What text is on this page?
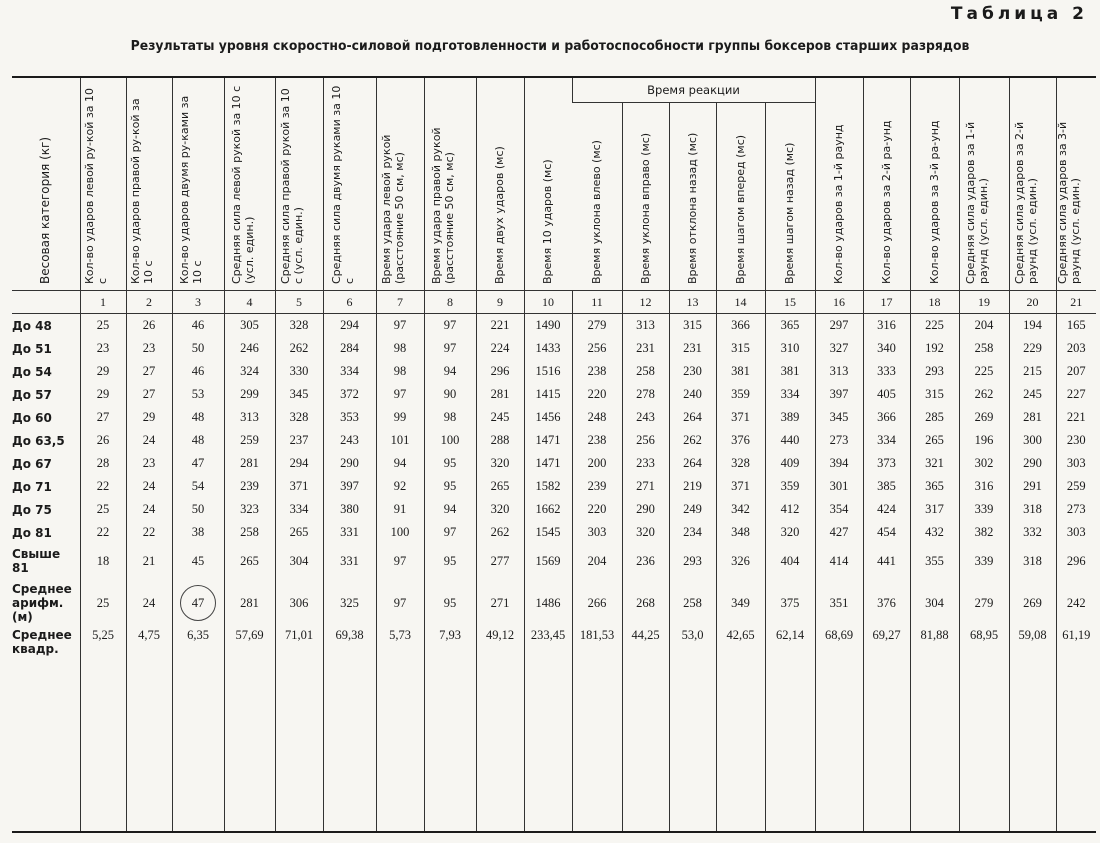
Таблица 2
Результаты уровня скоростно-силовой подготовленности и работоспособности группы боксеров старших разрядов
Весовая категория (кг)	Кол-во ударов левой ру-кой за 10 с	Кол-во ударов правой ру-кой за 10 с	Кол-во ударов двумя ру-ками за 10 с	Средняя сила левой рукой за 10 с (усл. един.)	Средняя сила правой рукой за 10 с (усл. един.)	Средняя сила двумя руками за 10 с	Время удара левой рукой (расстояние 50 см, мс)	Время удара правой рукой (расстояние 50 см, мс)	Время двух ударов (мс)	Время 10 ударов (мс)	Время реакции					Кол-во ударов за 1-й раунд	Кол-во ударов за 2-й ра-унд	Кол-во ударов за 3-й ра-унд	Средняя сила ударов за 1-й раунд (усл. един.)	Средняя сила ударов за 2-й раунд (усл. един.)	Средняя сила ударов за 3-й раунд (усл. един.)

											Время уклона влево (мс)	Время уклона вправо (мс)	Время отклона назад (мс)	Время шагом вперед (мс)	Время шагом назад (мс)						

	1	2	3	4	5	6	7	8	9	10	11	12	13	14	15	16	17	18	19	20	21
До 48	25	26	46	305	328	294	97	97	221	1490	279	313	315	366	365	297	316	225	204	194	165
До 51	23	23	50	246	262	284	98	97	224	1433	256	231	231	315	310	327	340	192	258	229	203
До 54	29	27	46	324	330	334	98	94	296	1516	238	258	230	381	381	313	333	293	225	215	207
До 57	29	27	53	299	345	372	97	90	281	1415	220	278	240	359	334	397	405	315	262	245	227
До 60	27	29	48	313	328	353	99	98	245	1456	248	243	264	371	389	345	366	285	269	281	221
До 63,5	26	24	48	259	237	243	101	100	288	1471	238	256	262	376	440	273	334	265	196	300	230
До 67	28	23	47	281	294	290	94	95	320	1471	200	233	264	328	409	394	373	321	302	290	303
До 71	22	24	54	239	371	397	92	95	265	1582	239	271	219	371	359	301	385	365	316	291	259
До 75	25	24	50	323	334	380	91	94	320	1662	220	290	249	342	412	354	424	317	339	318	273
До 81	22	22	38	258	265	331	100	97	262	1545	303	320	234	348	320	427	454	432	382	332	303
Свыше 81	18	21	45	265	304	331	97	95	277	1569	204	236	293	326	404	414	441	355	339	318	296
Среднее арифм. (м)	25	24	47	281	306	325	97	95	271	1486	266	268	258	349	375	351	376	304	279	269	242
Среднее квадр.	5,25	4,75	6,35	57,69	71,01	69,38	5,73	7,93	49,12	233,45	181,53	44,25	53,0	42,65	62,14	68,69	69,27	81,88	68,95	59,08	61,19
